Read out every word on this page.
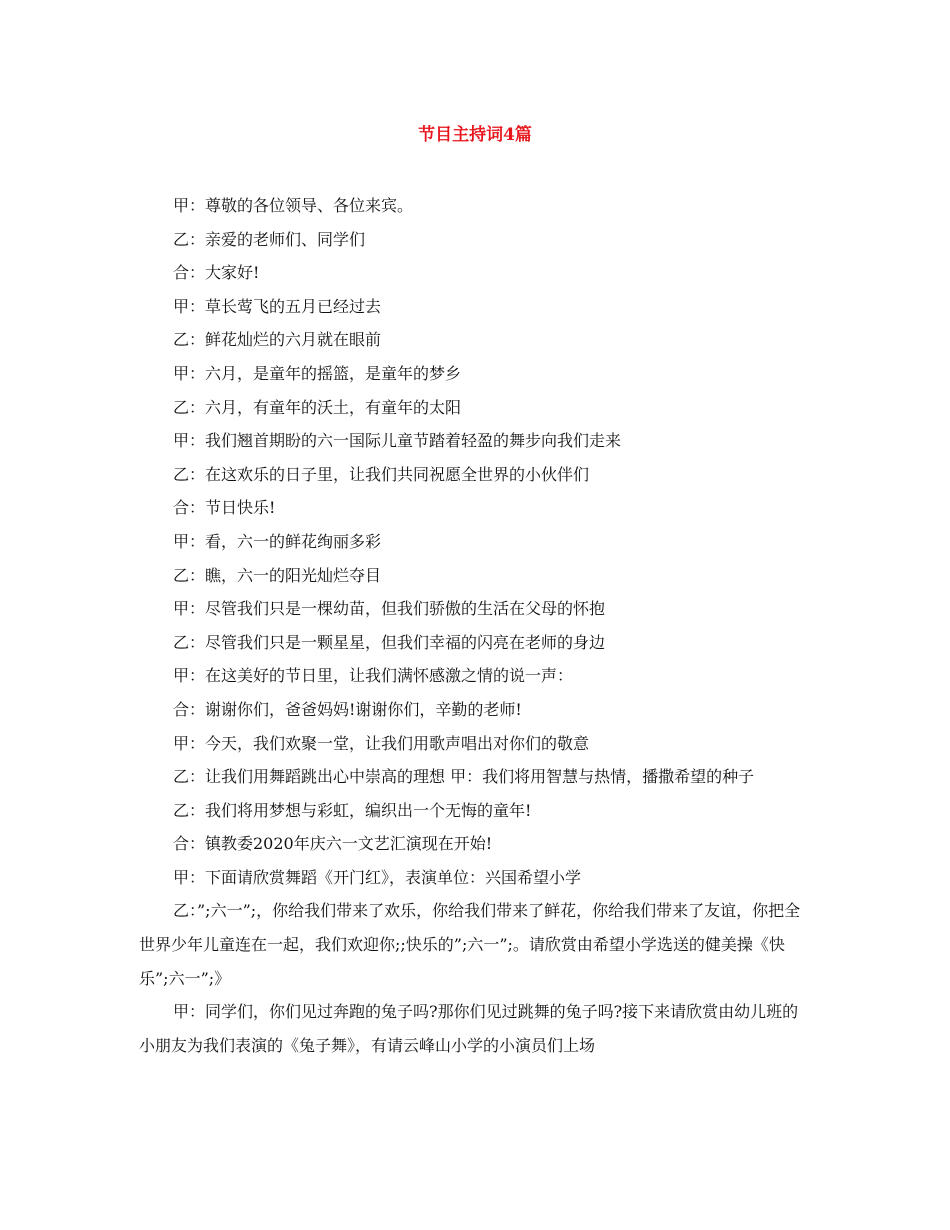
节目主持词4篇

甲：尊敬的各位领导、各位来宾。

乙：亲爱的老师们、同学们

合：大家好!

甲：草长莺飞的五月已经过去

乙：鲜花灿烂的六月就在眼前

甲：六月，是童年的摇篮，是童年的梦乡

乙：六月，有童年的沃土，有童年的太阳

甲：我们翘首期盼的六一国际儿童节踏着轻盈的舞步向我们走来

乙：在这欢乐的日子里，让我们共同祝愿全世界的小伙伴们

合：节日快乐!

甲：看，六一的鲜花绚丽多彩

乙：瞧，六一的阳光灿烂夺目

甲：尽管我们只是一棵幼苗，但我们骄傲的生活在父母的怀抱

乙：尽管我们只是一颗星星，但我们幸福的闪亮在老师的身边

甲：在这美好的节日里，让我们满怀感激之情的说一声：

合：谢谢你们，爸爸妈妈!谢谢你们，辛勤的老师!

甲：今天，我们欢聚一堂，让我们用歌声唱出对你们的敬意

乙：让我们用舞蹈跳出心中崇高的理想 甲：我们将用智慧与热情，播撒希望的种子

乙：我们将用梦想与彩虹，编织出一个无悔的童年!

合：镇教委2020年庆六一文艺汇演现在开始!

甲：下面请欣赏舞蹈《开门红》，表演单位：兴国希望小学

乙：”;六一”;，你给我们带来了欢乐，你给我们带来了鲜花，你给我们带来了友谊，你把全世界少年儿童连在一起，我们欢迎你;;快乐的”;六一”;。请欣赏由希望小学选送的健美操《快乐”;六一”;》

甲：同学们，你们见过奔跑的兔子吗?那你们见过跳舞的兔子吗?接下来请欣赏由幼儿班的小朋友为我们表演的《兔子舞》，有请云峰山小学的小演员们上场
